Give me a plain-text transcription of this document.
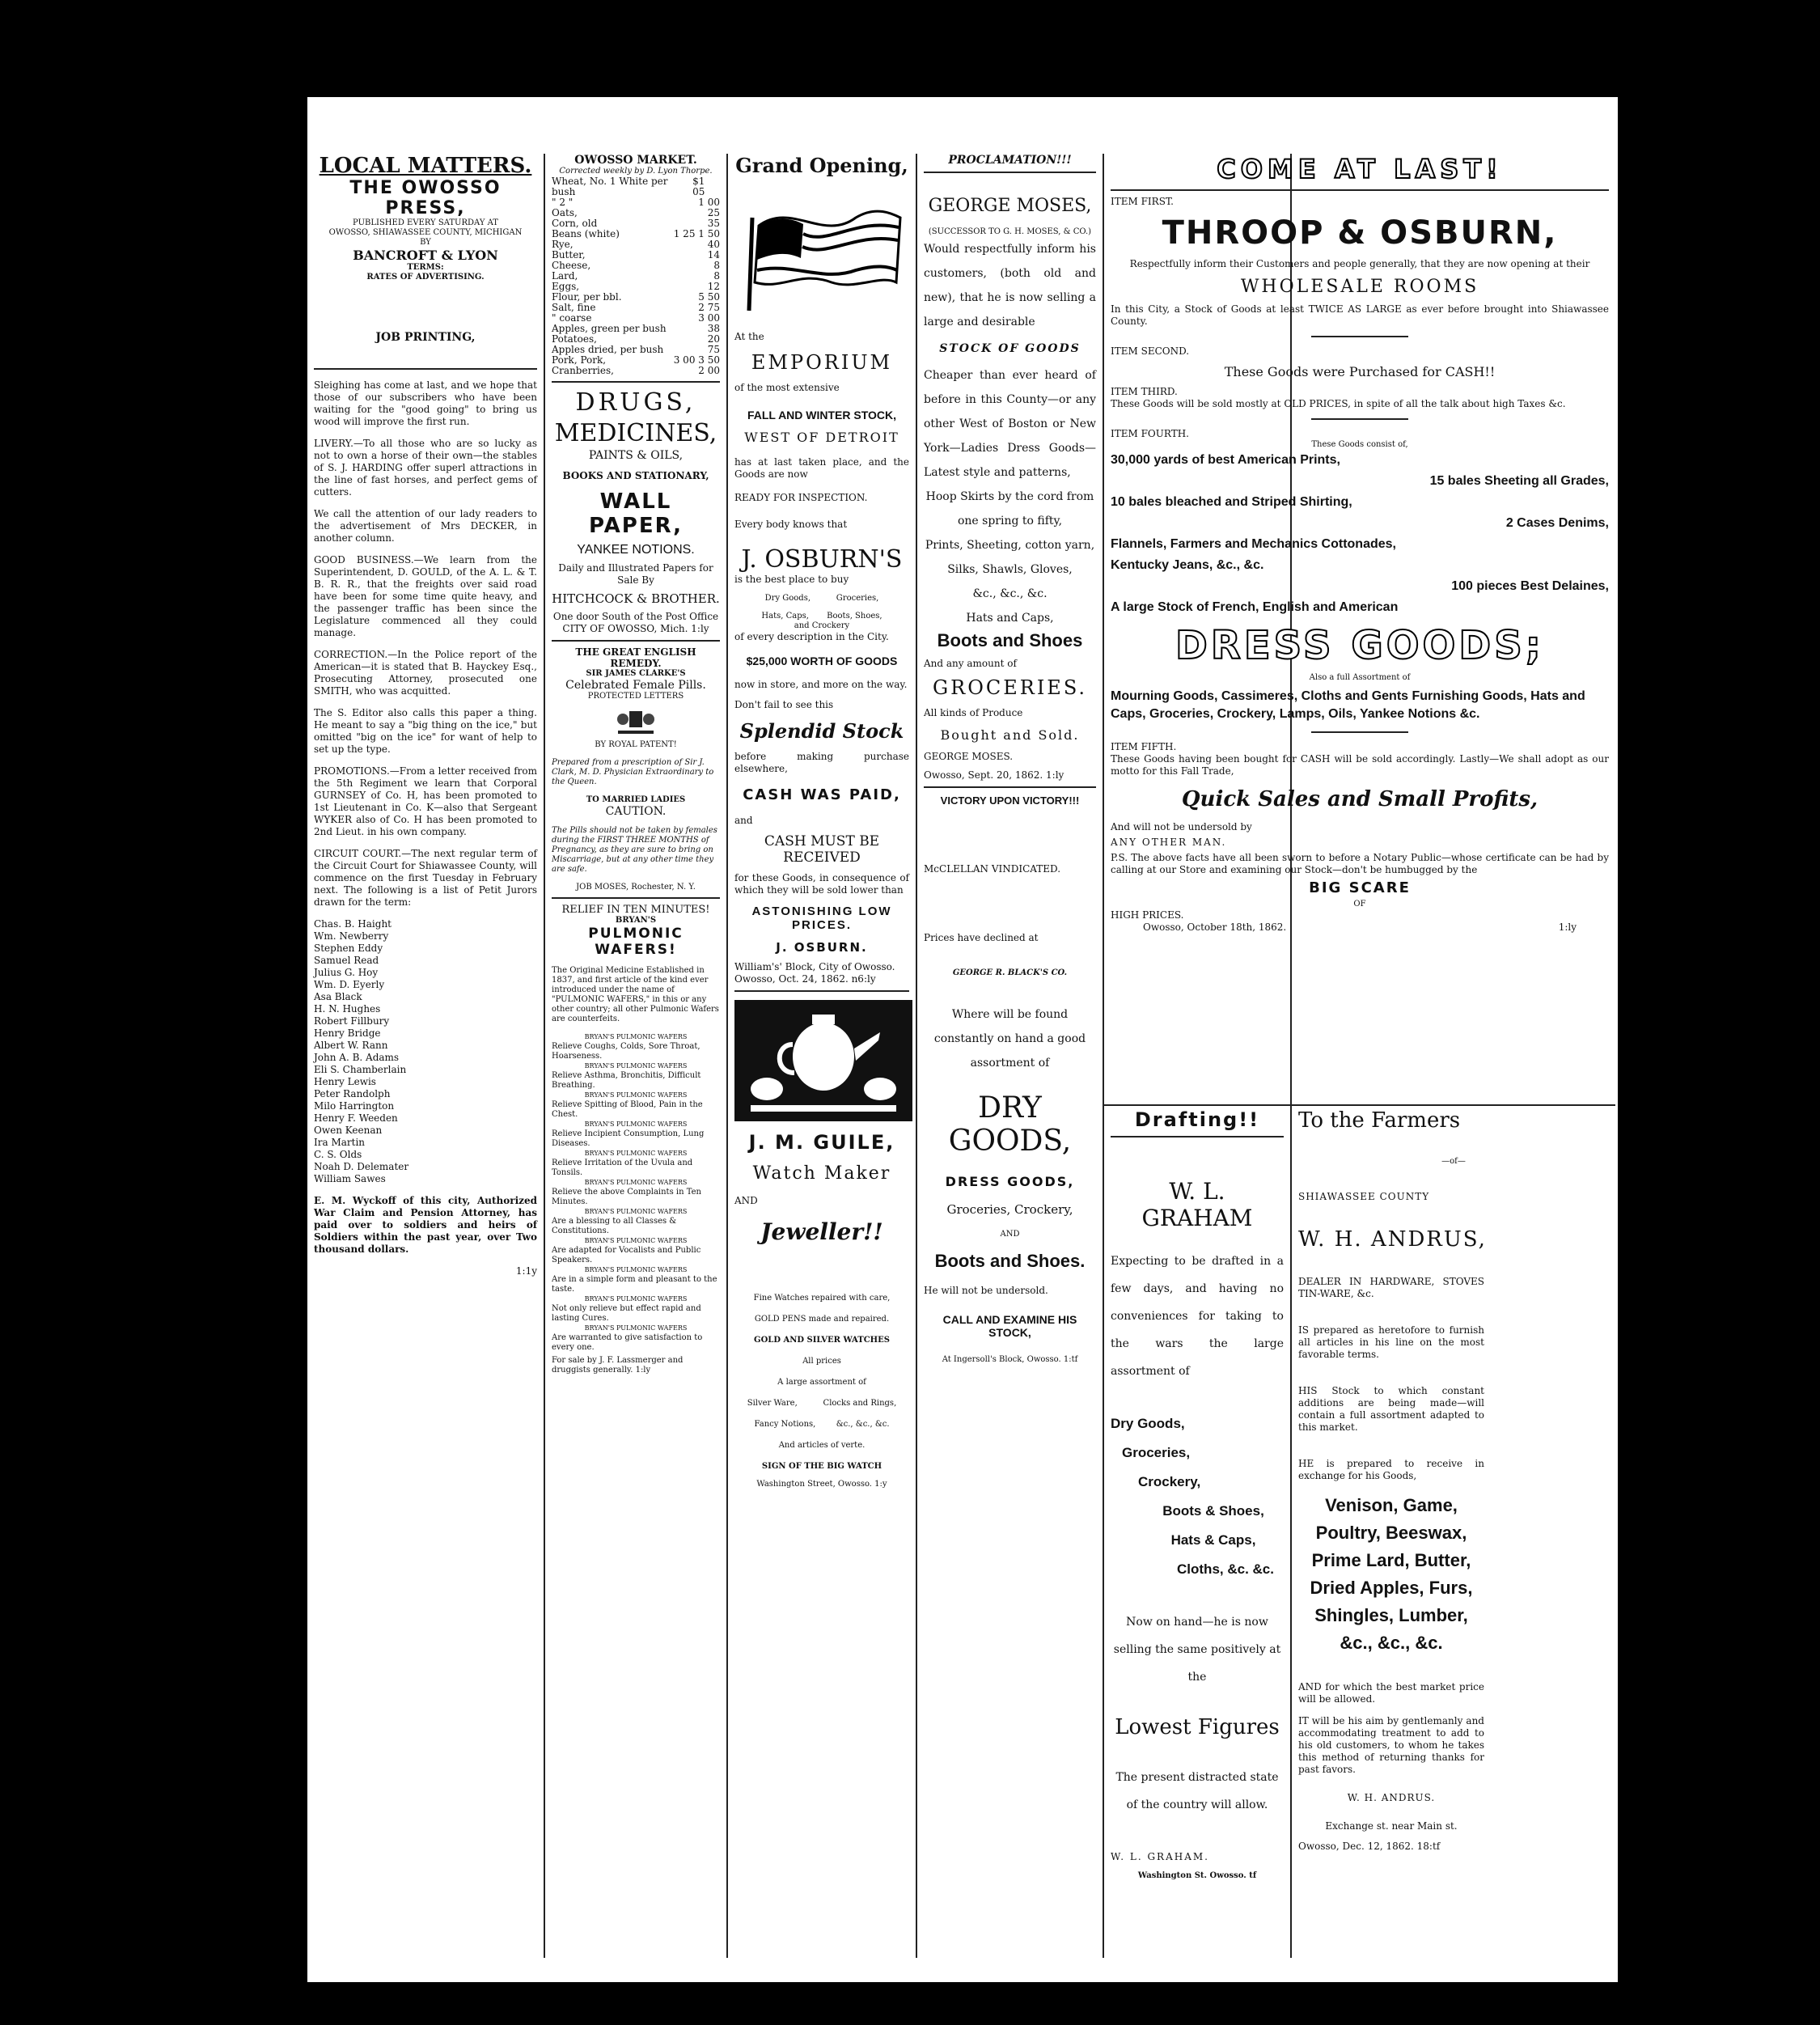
LOCAL MATTERS.
THE OWOSSO PRESS,
PUBLISHED EVERY SATURDAY AT
OWOSSO, SHIAWASSEE COUNTY, MICHIGAN
BY
BANCROFT & LYON
TERMS:
RATES OF ADVERTISING.
JOB PRINTING,

Sleighing has come at last, and we hope that those of our subscribers who have been waiting for the "good going" to bring us wood will improve the first run.

LIVERY.—To all those who are so lucky as not to own a horse of their own—the stables of S. J. HARDING offer superl attractions in the line of fast horses, and perfect gems of cutters.

We call the attention of our lady readers to the advertisement of Mrs DECKER, in another column.

GOOD BUSINESS.—We learn from the Superintendent, D. GOULD, of the A. L. & T. B. R. R., that the freights over said road have been for some time quite heavy, and the passenger traffic has been since the Legislature commenced all they could manage.

CORRECTION.—In the Police report of the American—it is stated that B. Hayckey Esq., Prosecuting Attorney, prosecuted one SMITH, who was acquitted.

The S. Editor also calls this paper a thing. He meant to say a "big thing on the ice," but omitted "big on the ice" for want of help to set up the type.

PROMOTIONS.—From a letter received from the 5th Regiment we learn that Corporal GURNSEY of Co. H, has been promoted to 1st Lieutenant in Co. K—also that Sergeant WYKER also of Co. H has been promoted to 2nd Lieut. in his own company.

CIRCUIT COURT.—The next regular term of the Circuit Court for Shiawassee County, will commence on the first Tuesday in February next. The following is a list of Petit Jurors drawn for the term:

Chas. B. Haight
Wm. Newberry
Stephen Eddy
Samuel Read
Julius G. Hoy
Wm. D. Eyerly
Asa Black
H. N. Hughes
Robert Fillbury
Henry Bridge
Albert W. Rann
John A. B. Adams
Eli S. Chamberlain
Henry Lewis
Peter Randolph
Milo Harrington
Henry F. Weeden
Owen Keenan
Ira Martin
C. S. Olds
Noah D. Delemater
William Sawes

E. M. Wyckoff of this city, Authorized War Claim and Pension Attorney, has paid over to soldiers and heirs of Soldiers within the past year, over Two thousand dollars.

1:1y
OWOSSO MARKET.
Corrected weekly by D. Lyon Thorpe.
Wheat, No. 1 White per bush
$1 05
" 2 "	1 00
Oats,	25
Corn, old	35
Beans (white)	1 25 1 50
Rye,	40
Butter,	14
Cheese,	8
Lard,	8
Eggs,	12
Flour, per bbl.	5 50
Salt, fine	2 75
" coarse	3 00
Apples, green per bush	38
Potatoes,	20
Apples dried, per bush	75
Pork, Pork,	3 00 3 50
Cranberries,	2 00
DRUGS,
MEDICINES,
PAINTS & OILS,
BOOKS AND STATIONARY,
WALL PAPER,
YANKEE NOTIONS.
Daily and Illustrated Papers for Sale By
HITCHCOCK & BROTHER.
One door South of the Post Office
CITY OF OWOSSO, Mich. 1:ly
THE GREAT ENGLISH REMEDY.
SIR JAMES CLARKE'S
Celebrated Female Pills.
PROTECTED LETTERS
BY ROYAL PATENT!

Prepared from a prescription of Sir J. Clark, M. D. Physician Extraordinary to the Queen.

TO MARRIED LADIES
CAUTION.

The Pills should not be taken by females during the FIRST THREE MONTHS of Pregnancy, as they are sure to bring on Miscarriage, but at any other time they are safe.

JOB MOSES, Rochester, N. Y.
RELIEF IN TEN MINUTES!
BRYAN'S
PULMONIC WAFERS!

The Original Medicine Established in 1837, and first article of the kind ever introduced under the name of "PULMONIC WAFERS," in this or any other country; all other Pulmonic Wafers are counterfeits.

BRYAN'S PULMONIC WAFERS
Relieve Coughs, Colds, Sore Throat, Hoarseness.
BRYAN'S PULMONIC WAFERS
Relieve Asthma, Bronchitis, Difficult Breathing.
BRYAN'S PULMONIC WAFERS
Relieve Spitting of Blood, Pain in the Chest.
BRYAN'S PULMONIC WAFERS
Relieve Incipient Consumption, Lung Diseases.
BRYAN'S PULMONIC WAFERS
Relieve Irritation of the Uvula and Tonsils.
BRYAN'S PULMONIC WAFERS
Relieve the above Complaints in Ten Minutes.
BRYAN'S PULMONIC WAFERS
Are a blessing to all Classes & Constitutions.
BRYAN'S PULMONIC WAFERS
Are adapted for Vocalists and Public Speakers.
BRYAN'S PULMONIC WAFERS
Are in a simple form and pleasant to the taste.
BRYAN'S PULMONIC WAFERS
Not only relieve but effect rapid and lasting Cures.
BRYAN'S PULMONIC WAFERS
Are warranted to give satisfaction to every one.
For sale by J. F. Lassmerger and druggists generally. 1:ly
Grand Opening,
At the
EMPORIUM
of the most extensive
FALL AND WINTER STOCK,
WEST OF DETROIT
has at last taken place, and the Goods are now
READY FOR INSPECTION.
Every body knows that
J. OSBURN'S
is the best place to buy
Dry Goods,          Groceries,
Hats, Caps,       Boots, Shoes,
and Crockery
of every description in the City.
$25,000 WORTH OF GOODS
now in store, and more on the way.
Don't fail to see this
Splendid Stock
before making purchase elsewhere,
CASH WAS PAID,
and
CASH MUST BE RECEIVED
for these Goods, in consequence of which they will be sold lower than
ASTONISHING LOW PRICES.
J. OSBURN.
William's' Block, City of Owosso.
Owosso, Oct. 24, 1862. n6:ly
J. M. GUILE,
Watch Maker
AND
Jeweller!!
Fine Watches repaired with care,
GOLD PENS made and repaired.
GOLD AND SILVER WATCHES
All prices
A large assortment of
Silver Ware,          Clocks and Rings,
Fancy Notions,        &c., &c., &c.
And articles of verte.
SIGN OF THE BIG WATCH
Washington Street, Owosso. 1:y
PROCLAMATION!!!
GEORGE MOSES,
(SUCCESSOR TO G. H. MOSES, & CO.)
Would respectfully inform his customers, (both old and new), that he is now selling a large and desirable
STOCK OF GOODS
Cheaper than ever heard of before in this County—or any other West of Boston or New York—Ladies Dress Goods—Latest style and patterns,
Hoop Skirts by the cord from one spring to fifty,
Prints, Sheeting, cotton yarn,
Silks, Shawls, Gloves,
&c., &c., &c.
Hats and Caps,
Boots and Shoes
And any amount of
GROCERIES.
All kinds of Produce
Bought and Sold.
GEORGE MOSES.
Owosso, Sept. 20, 1862. 1:ly
VICTORY UPON VICTORY!!!
McCLELLAN VINDICATED.
Prices have declined at
GEORGE R. BLACK'S CO.
Where will be found constantly on hand a good assortment of
DRY GOODS,
DRESS GOODS,
Groceries, Crockery,
AND
Boots and Shoes.
He will not be undersold.
CALL AND EXAMINE HIS STOCK,
At Ingersoll's Block, Owosso. 1:tf
COME AT LAST!
ITEM FIRST.
THROOP & OSBURN,
Respectfully inform their Customers and people generally, that they are now opening at their
WHOLESALE ROOMS
In this City, a Stock of Goods at least TWICE AS LARGE as ever before brought into Shiawassee County.
ITEM SECOND.
These Goods were Purchased for CASH!!
ITEM THIRD.
These Goods will be sold mostly at OLD PRICES, in spite of all the talk about high Taxes &c.
ITEM FOURTH.
These Goods consist of,
30,000 yards of best American Prints,
15 bales Sheeting all Grades,
10 bales bleached and Striped Shirting,
2 Cases Denims,
Flannels, Farmers and Mechanics Cottonades,
Kentucky Jeans, &c., &c.
100 pieces Best Delaines,
A large Stock of French, English and American
DRESS GOODS;
Also a full Assortment of
Mourning Goods, Cassimeres, Cloths and Gents Furnishing Goods, Hats and Caps, Groceries, Crockery, Lamps, Oils, Yankee Notions &c.
ITEM FIFTH.
These Goods having been bought for CASH will be sold accordingly. Lastly—We shall adopt as our motto for this Fall Trade,
Quick Sales and Small Profits,
And will not be undersold by
ANY OTHER MAN.
P.S. The above facts have all been sworn to before a Notary Public—whose certificate can be had by calling at our Store and examining our Stock—don't be humbugged by the
BIG SCARE
OF
HIGH PRICES.
Owosso, October 18th, 1862.	1:ly
Drafting!!
W. L. GRAHAM
Expecting to be drafted in a few days, and having no conveniences for taking to the wars the large assortment of
Dry Goods,
Groceries,
Crockery,
Boots & Shoes,
Hats & Caps,
Cloths, &c. &c.
Now on hand—he is now selling the same positively at the
Lowest Figures
The present distracted state of the country will allow.
W. L. GRAHAM.
Washington St. Owosso. tf
To the Farmers
—of—
SHIAWASSEE COUNTY
W. H. ANDRUS,
DEALER IN HARDWARE, STOVES TIN-WARE, &c.

IS prepared as heretofore to furnish all articles in his line on the most favorable terms.

HIS Stock to which constant additions are being made—will contain a full assortment adapted to this market.

HE is prepared to receive in exchange for his Goods,

Venison, Game, Poultry, Beeswax, Prime Lard, Butter, Dried Apples, Furs, Shingles, Lumber, &c., &c., &c.

AND for which the best market price will be allowed.

IT will be his aim by gentlemanly and accommodating treatment to add to his old customers, to whom he takes this method of returning thanks for past favors.

W. H. ANDRUS.
Exchange st. near Main st.
Owosso, Dec. 12, 1862. 18:tf
